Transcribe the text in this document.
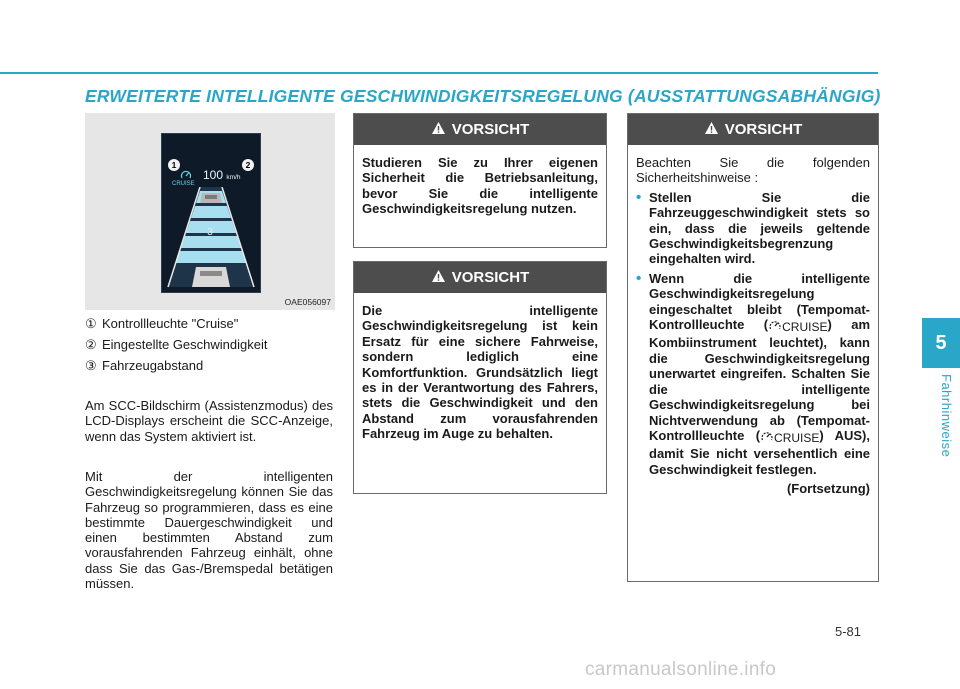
ERWEITERTE INTELLIGENTE GESCHWINDIGKEITSREGELUNG (AUSSTATTUNGSABHÄNGIG)
CRUISE
100 km/h
1	2
3
OAE056097
① Kontrollleuchte "Cruise"
② Eingestellte Geschwindigkeit
③ Fahrzeugabstand

Am SCC-Bildschirm (Assistenzmodus) des LCD-Displays erscheint die SCC-Anzeige, wenn das System aktiviert ist.

Mit der intelligenten Geschwindigkeitsregelung können Sie das Fahrzeug so programmieren, dass es eine bestimmte Dauergeschwindigkeit und einen bestimmten Abstand zum vorausfahrenden Fahrzeug einhält, ohne dass Sie das Gas-/Bremspedal betätigen müssen.

VORSICHT

Studieren Sie zu Ihrer eigenen Sicherheit die Betriebsanleitung, bevor Sie die intelligente Geschwindigkeitsregelung nutzen.

VORSICHT

Die intelligente Geschwindigkeitsregelung ist kein Ersatz für eine sichere Fahrweise, sondern lediglich eine Komfortfunktion. Grundsätzlich liegt es in der Verantwortung des Fahrers, stets die Geschwindigkeit und den Abstand zum vorausfahrenden Fahrzeug im Auge zu behalten.

VORSICHT

Beachten Sie die folgenden Sicherheitshinweise :

• Stellen Sie die Fahrzeuggeschwindigkeit stets so ein, dass die jeweils geltende Geschwindigkeitsbegrenzung eingehalten wird.
• Wenn die intelligente Geschwindigkeitsregelung eingeschaltet bleibt (Tempomat-Kontrollleuchte ( CRUISE) am Kombiinstrument leuchtet), kann die Geschwindigkeitsregelung unerwartet eingreifen. Schalten Sie die intelligente Geschwindigkeitsregelung bei Nichtverwendung ab (Tempomat-Kontrollleuchte ( CRUISE) AUS), damit Sie nicht versehentlich eine Geschwindigkeit festlegen.

(Fortsetzung)

5
Fahrhinweise
5-81
carmanualsonline.info
